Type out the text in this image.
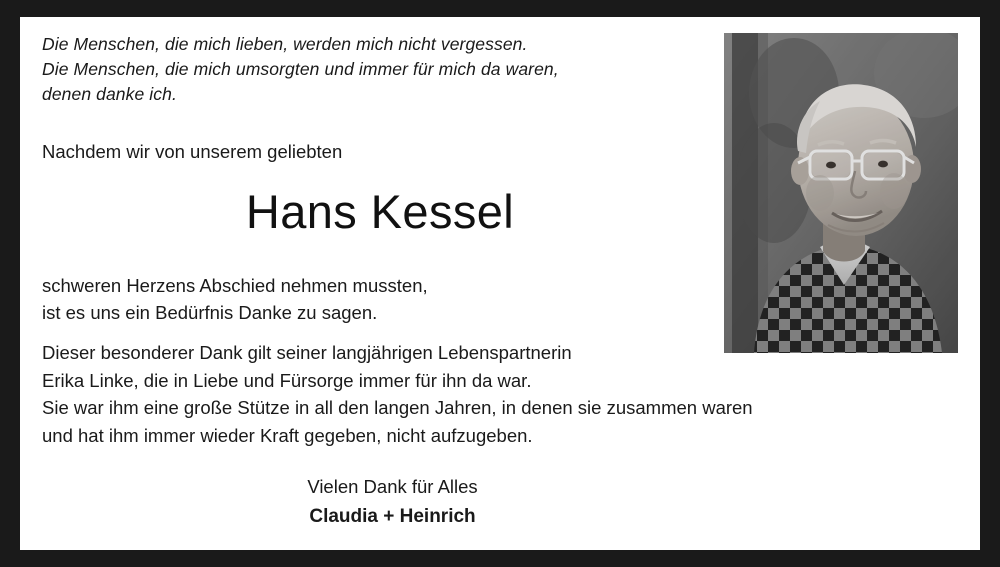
Die Menschen, die mich lieben, werden mich nicht vergessen.
Die Menschen, die mich umsorgten und immer für mich da waren,
denen danke ich.
Nachdem wir von unserem geliebten
Hans Kessel
schweren Herzens Abschied nehmen mussten,
ist es uns ein Bedürfnis Danke zu sagen.
Dieser besonderer Dank gilt seiner langjährigen Lebenspartnerin
Erika Linke, die in Liebe und Fürsorge immer für ihn da war.
Sie war ihm eine große Stütze in all den langen Jahren, in denen sie zusammen waren
und hat ihm immer wieder Kraft gegeben, nicht aufzugeben.
Vielen Dank für Alles
Claudia + Heinrich
